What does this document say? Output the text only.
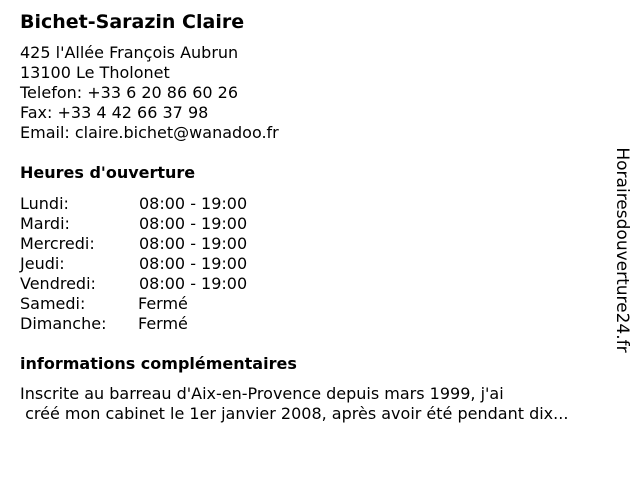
Bichet-Sarazin Claire
425 l'Allée François Aubrun
13100 Le Tholonet
Telefon: +33 6 20 86 60 26
Fax: +33 4 42 66 37 98
Email: claire.bichet@wanadoo.fr
Heures d'ouverture
Lundi:	08:00 - 19:00
Mardi:	08:00 - 19:00
Mercredi:	08:00 - 19:00
Jeudi:	08:00 - 19:00
Vendredi:	08:00 - 19:00
Samedi:	Fermé
Dimanche: Fermé
informations complémentaires
Inscrite au barreau d'Aix-en-Provence depuis mars 1999, j'ai
créé mon cabinet le 1er janvier 2008, après avoir été pendant dix...
Horairesdouverture24.fr
